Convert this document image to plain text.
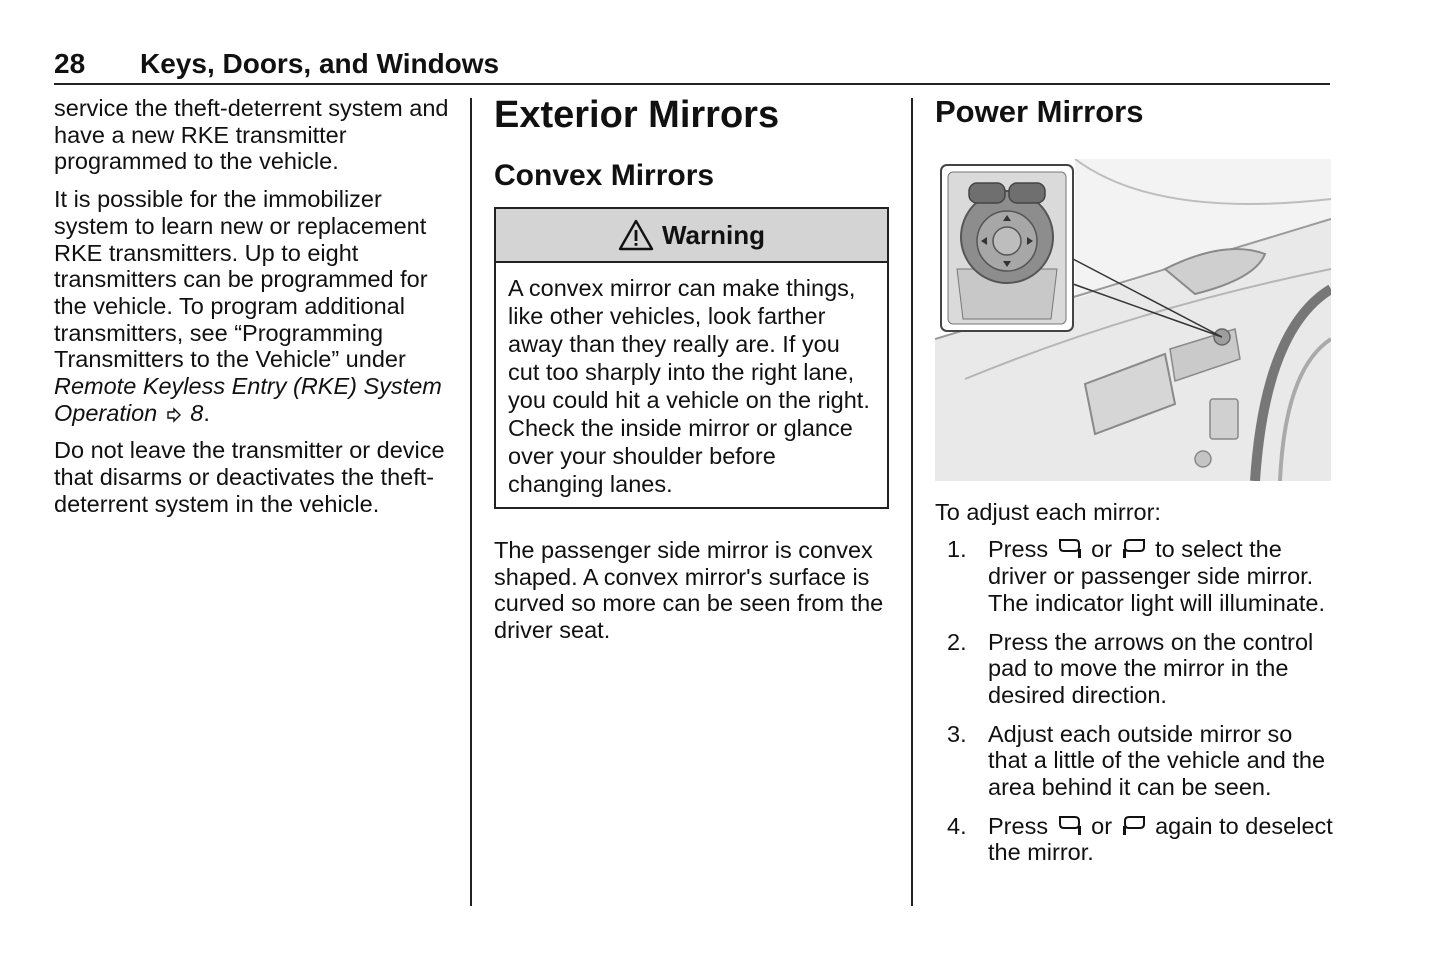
28 Keys, Doors, and Windows

service the theft-deterrent system and have a new RKE transmitter programmed to the vehicle.

It is possible for the immobilizer system to learn new or replacement RKE transmitters. Up to eight transmitters can be programmed for the vehicle. To program additional transmitters, see “Programming Transmitters to the Vehicle” under Remote Keyless Entry (RKE) System Operation 8.

Do not leave the transmitter or device that disarms or deactivates the theft-deterrent system in the vehicle.

Exterior Mirrors
Convex Mirrors
Warning
A convex mirror can make things, like other vehicles, look farther away than they really are. If you cut too sharply into the right lane, you could hit a vehicle on the right. Check the inside mirror or glance over your shoulder before changing lanes.

The passenger side mirror is convex shaped. A convex mirror's surface is curved so more can be seen from the driver seat.

Power Mirrors

To adjust each mirror:

1. Press or to select the driver or passenger side mirror. The indicator light will illuminate.
2. Press the arrows on the control pad to move the mirror in the desired direction.
3. Adjust each outside mirror so that a little of the vehicle and the area behind it can be seen.
4. Press or again to deselect the mirror.
